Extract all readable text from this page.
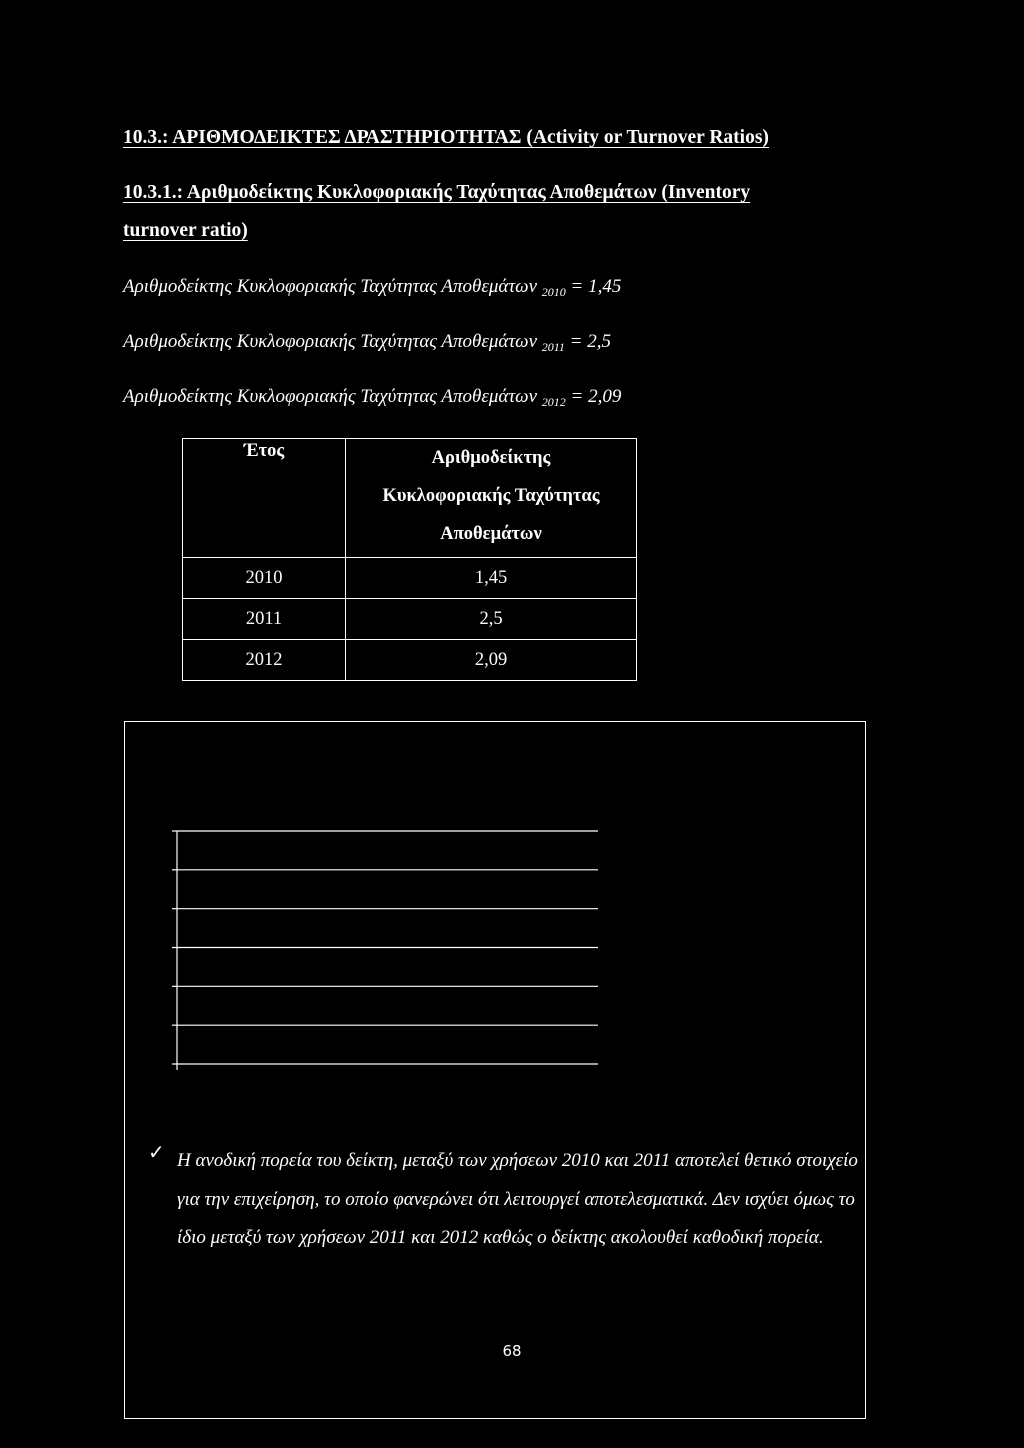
10.3.: ΑΡΙΘΜΟΔΕΙΚΤΕΣ ΔΡΑΣΤΗΡΙΟΤΗΤΑΣ (Activity or Turnover Ratios)
10.3.1.: Αριθμοδείκτης Κυκλοφοριακής Ταχύτητας Αποθεμάτων (Inventory
turnover ratio)
Αριθμοδείκτης Κυκλοφοριακής Ταχύτητας Αποθεμάτων $_{2010}$ = 1,45
Αριθμοδείκτης Κυκλοφοριακής Ταχύτητας Αποθεμάτων $_{2011}$ = 2,5
Αριθμοδείκτης Κυκλοφοριακής Ταχύτητας Αποθεμάτων $_{2012}$ = 2,09
Έτος	Αριθμοδείκτης
Κυκλοφοριακής Ταχύτητας
Αποθεμάτων

2010	1,45
2011	2,5
2012	2,09
✓ Η ανοδική πορεία του δείκτη, μεταξύ των χρήσεων 2010 και 2011 αποτελεί θετικό στοιχείο για την επιχείρηση, το οποίο φανερώνει ότι λειτουργεί αποτελεσματικά. Δεν ισχύει όμως το ίδιο μεταξύ των χρήσεων 2011 και 2012 καθώς ο δείκτης ακολουθεί καθοδική πορεία.
68
